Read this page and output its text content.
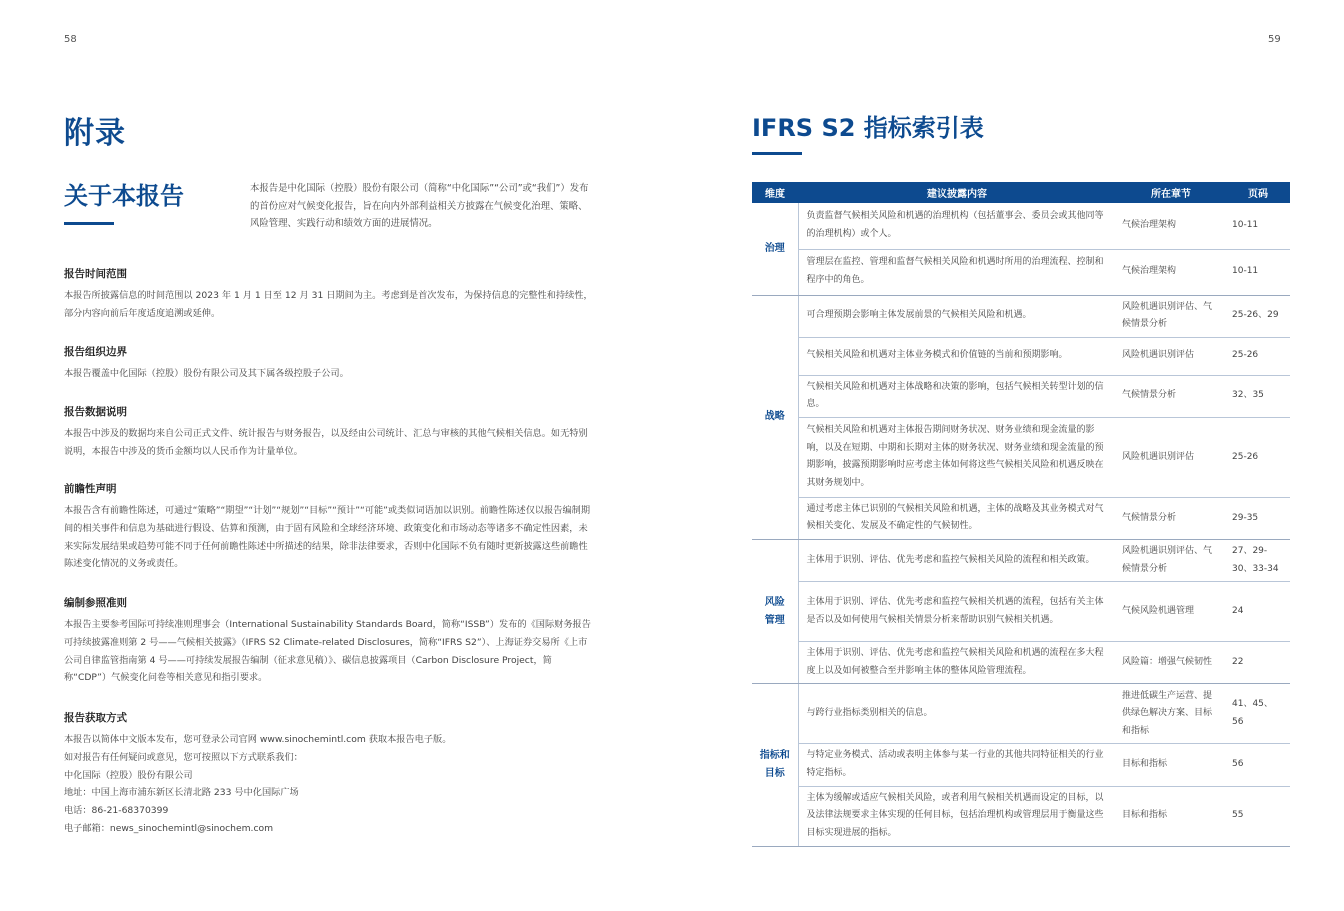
58	59
附录
关于本报告	本报告是中化国际（控股）股份有限公司（简称“中化国际”“公司”或“我们”）发布的首份应对气候变化报告，旨在向内外部利益相关方披露在气候变化治理、策略、风险管理、实践行动和绩效方面的进展情况。
报告时间范围
本报告所披露信息的时间范围以 2023 年 1 月 1 日至 12 月 31 日期间为主。考虑到是首次发布，为保持信息的完整性和持续性，部分内容向前后年度适度追溯或延伸。
报告组织边界
本报告覆盖中化国际（控股）股份有限公司及其下属各级控股子公司。
报告数据说明
本报告中涉及的数据均来自公司正式文件、统计报告与财务报告，以及经由公司统计、汇总与审核的其他气候相关信息。如无特别说明，本报告中涉及的货币金额均以人民币作为计量单位。
前瞻性声明
本报告含有前瞻性陈述，可通过“策略”“期望”“计划”“规划”“目标”“预计”“可能”或类似词语加以识别。前瞻性陈述仅以报告编制期间的相关事件和信息为基础进行假设、估算和预测，由于固有风险和全球经济环境、政策变化和市场动态等诸多不确定性因素，未来实际发展结果或趋势可能不同于任何前瞻性陈述中所描述的结果，除非法律要求，否则中化国际不负有随时更新披露这些前瞻性陈述变化情况的义务或责任。
编制参照准则
本报告主要参考国际可持续准则理事会（International Sustainability Standards Board，简称“ISSB”）发布的《国际财务报告可持续披露准则第 2 号——气候相关披露》（IFRS S2 Climate-related Disclosures，简称“IFRS S2”）、上海证券交易所《上市公司自律监管指南第 4 号——可持续发展报告编制（征求意见稿）》、碳信息披露项目（Carbon Disclosure Project，简称“CDP”）气候变化问卷等相关意见和指引要求。
报告获取方式
本报告以简体中文版本发布，您可登录公司官网 www.sinochemintl.com 获取本报告电子版。
如对报告有任何疑问或意见，您可按照以下方式联系我们：
中化国际（控股）股份有限公司
地址：中国上海市浦东新区长清北路 233 号中化国际广场
电话：86-21-68370399
电子邮箱：news_sinochemintl@sinochem.com
IFRS S2 指标索引表
维度	建议披露内容	所在章节	页码
治理	负责监督气候相关风险和机遇的治理机构（包括董事会、委员会或其他同等的治理机构）或个人。	气候治理架构	10-11
	管理层在监控、管理和监督气候相关风险和机遇时所用的治理流程、控制和程序中的角色。	气候治理架构	10-11
战略	可合理预期会影响主体发展前景的气候相关风险和机遇。	风险机遇识别评估、气候情景分析	25-26、29
	气候相关风险和机遇对主体业务模式和价值链的当前和预期影响。	风险机遇识别评估	25-26
	气候相关风险和机遇对主体战略和决策的影响，包括气候相关转型计划的信息。	气候情景分析	32、35
	气候相关风险和机遇对主体报告期间财务状况、财务业绩和现金流量的影响，以及在短期、中期和长期对主体的财务状况、财务业绩和现金流量的预期影响，披露预期影响时应考虑主体如何将这些气候相关风险和机遇反映在其财务规划中。	风险机遇识别评估	25-26
	通过考虑主体已识别的气候相关风险和机遇，主体的战略及其业务模式对气候相关变化、发展及不确定性的气候韧性。	气候情景分析	29-35

风险
管理	主体用于识别、评估、优先考虑和监控气候相关风险的流程和相关政策。	风险机遇识别评估、气候情景分析	27、29-30、33-34
	主体用于识别、评估、优先考虑和监控气候相关机遇的流程，包括有关主体是否以及如何使用气候相关情景分析来帮助识别气候相关机遇。	气候风险机遇管理	24
	主体用于识别、评估、优先考虑和监控气候相关风险和机遇的流程在多大程度上以及如何被整合至并影响主体的整体风险管理流程。	风险篇：增强气候韧性	22

指标和
目标	与跨行业指标类别相关的信息。	推进低碳生产运营、提供绿色解决方案、目标和指标	41、45、56
	与特定业务模式、活动或表明主体参与某一行业的其他共同特征相关的行业特定指标。	目标和指标	56
	主体为缓解或适应气候相关风险，或者利用气候相关机遇而设定的目标，以及法律法规要求主体实现的任何目标，包括治理机构或管理层用于衡量这些目标实现进展的指标。	目标和指标	55
